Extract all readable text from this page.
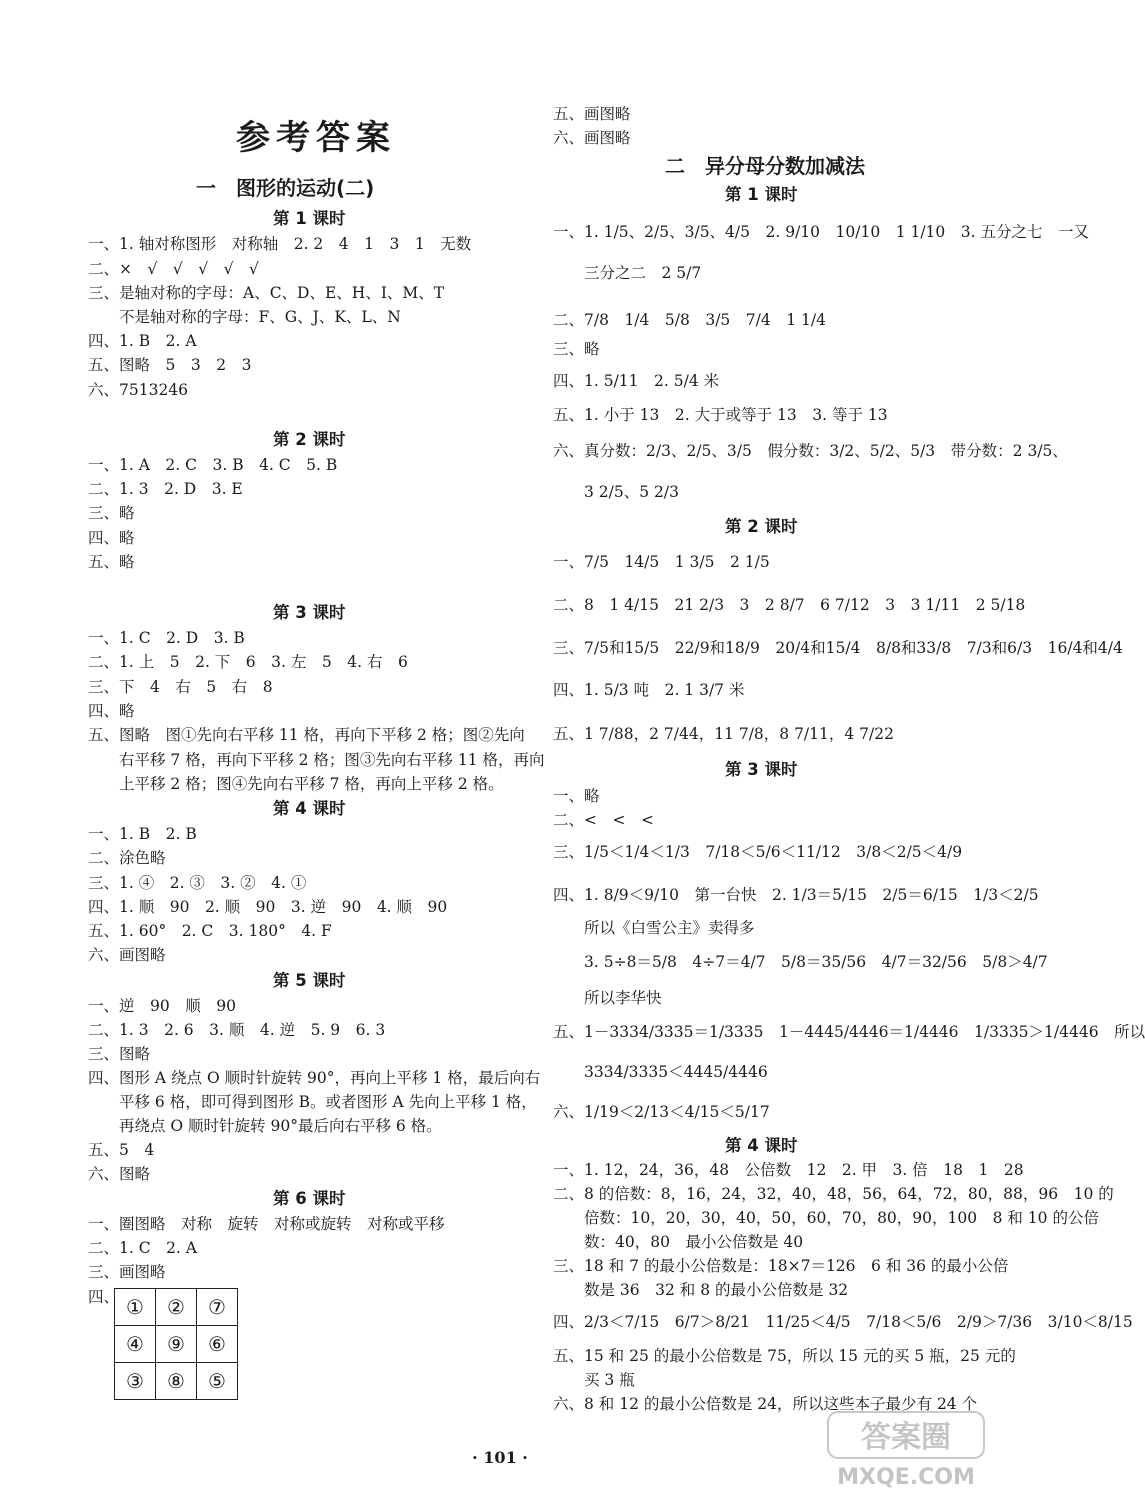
参考答案
一　图形的运动(二)
第 1 课时
一、1. 轴对称图形　对称轴　2. 2　4　1　3　1　无数
二、×　√　√　√　√　√
三、是轴对称的字母：A、C、D、E、H、I、M、T
　　不是轴对称的字母：F、G、J、K、L、N
四、1. B　2. A
五、图略　5　3　2　3
六、7513246
第 2 课时
一、1. A　2. C　3. B　4. C　5. B
二、1. 3　2. D　3. E
三、略
四、略
五、略
第 3 课时
一、1. C　2. D　3. B
二、1. 上　5　2. 下　6　3. 左　5　4. 右　6
三、下　4　右　5　右　8
四、略
五、图略　图①先向右平移 11 格，再向下平移 2 格；图②先向
　　右平移 7 格，再向下平移 2 格；图③先向右平移 11 格，再向
　　上平移 2 格；图④先向右平移 7 格，再向上平移 2 格。
第 4 课时
一、1. B　2. B
二、涂色略
三、1. ④　2. ③　3. ②　4. ①
四、1. 顺　90　2. 顺　90　3. 逆　90　4. 顺　90
五、1. 60°　2. C　3. 180°　4. F
六、画图略
第 5 课时
一、逆　90　顺　90
二、1. 3　2. 6　3. 顺　4. 逆　5. 9　6. 3
三、图略
四、图形 A 绕点 O 顺时针旋转 90°，再向上平移 1 格，最后向右
　　平移 6 格，即可得到图形 B。或者图形 A 先向上平移 1 格，
　　再绕点 O 顺时针旋转 90°最后向右平移 6 格。
五、5　4
六、图略
第 6 课时
一、圈图略　对称　旋转　对称或旋转　对称或平移
二、1. C　2. A
三、画图略
四、 ①	②	⑦
④	⑨	⑥
③	⑧	⑤
五、画图略
六、画图略
二　异分母分数加减法
第 1 课时
一、1. 1/5、2/5、3/5、4/5　2. 9/10　10/10　1 1/10　3. 五分之七　一又
　　三分之二　2 5/7
二、7/8　1/4　5/8　3/5　7/4　1 1/4
三、略
四、1. 5/11　2. 5/4 米
五、1. 小于 13　2. 大于或等于 13　3. 等于 13
六、真分数：2/3、2/5、3/5　假分数：3/2、5/2、5/3　带分数：2 3/5、
　　3 2/5、5 2/3
第 2 课时
一、7/5　14/5　1 3/5　2 1/5
二、8　1 4/15　21 2/3　3　2 8/7　6 7/12　3　3 1/11　2 5/18
三、7/5和15/5　22/9和18/9　20/4和15/4　8/8和33/8　7/3和6/3　16/4和4/4
四、1. 5/3 吨　2. 1 3/7 米
五、1 7/88，2 7/44，11 7/8，8 7/11，4 7/22
第 3 课时
一、略
二、<　<　<
三、1/5＜1/4＜1/3　7/18＜5/6＜11/12　3/8＜2/5＜4/9
四、1. 8/9＜9/10　第一台快　2. 1/3＝5/15　2/5＝6/15　1/3＜2/5
　　所以《白雪公主》卖得多
　　3. 5÷8＝5/8　4÷7＝4/7　5/8＝35/56　4/7＝32/56　5/8＞4/7
　　所以李华快
五、1－3334/3335＝1/3335　1－4445/4446＝1/4446　1/3335＞1/4446　所以
　　3334/3335＜4445/4446
六、1/19＜2/13＜4/15＜5/17
第 4 课时
一、1. 12，24，36，48　公倍数　12　2. 甲　3. 倍　18　1　28
二、8 的倍数：8，16，24，32，40，48，56，64，72，80，88，96　10 的
　　倍数：10，20，30，40，50，60，70，80，90，100　8 和 10 的公倍
　　数：40，80　最小公倍数是 40
三、18 和 7 的最小公倍数是：18×7＝126　6 和 36 的最小公倍
　　数是 36　32 和 8 的最小公倍数是 32
四、2/3＜7/15　6/7＞8/21　11/25＜4/5　7/18＜5/6　2/9＞7/36　3/10＜8/15
五、15 和 25 的最小公倍数是 75，所以 15 元的买 5 瓶，25 元的
　　买 3 瓶
六、8 和 12 的最小公倍数是 24，所以这些本子最少有 24 个
· 101 ·
答案圈
MXQE.COM
